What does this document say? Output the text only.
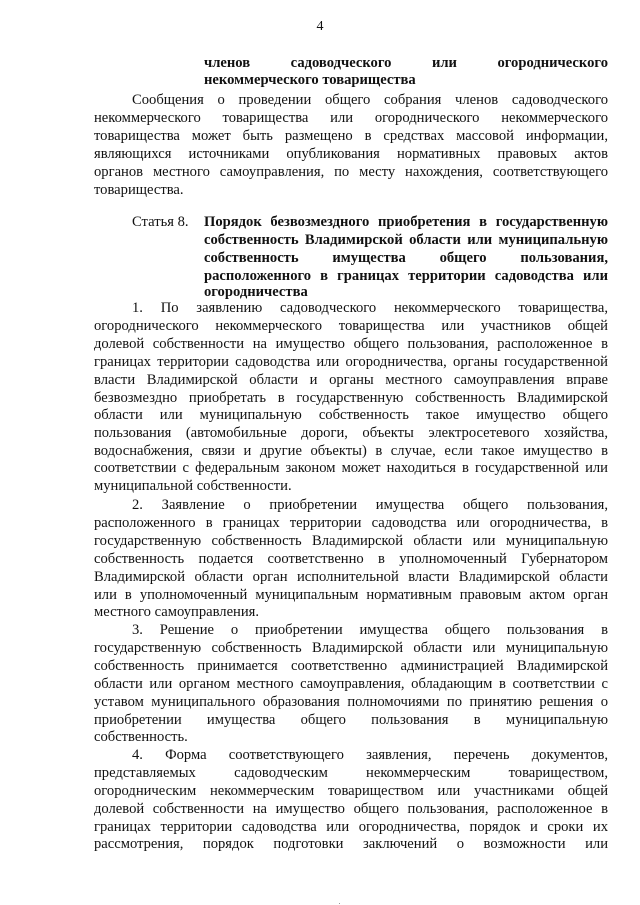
4
членов садоводческого или огороднического
некоммерческого товарищества
Сообщения о проведении общего собрания членов садоводческого
некоммерческого товарищества или огороднического некоммерческого
товарищества может быть размещено в средствах массовой информации,
являющихся источниками опубликования нормативных правовых актов
органов местного самоуправления, по месту нахождения, соответствующего
товарищества.
Статья 8. Порядок безвозмездного приобретения в государственную
собственность Владимирской области или муниципальную
собственность имущества общего пользования,
расположенного в границах территории садоводства или
огородничества
1. По заявлению садоводческого некоммерческого товарищества,
огороднического некоммерческого товарищества или участников общей
долевой собственности на имущество общего пользования, расположенное в
границах территории садоводства или огородничества, органы государственной
власти Владимирской области и органы местного самоуправления вправе
безвозмездно приобретать в государственную собственность Владимирской
области или муниципальную собственность такое имущество общего
пользования (автомобильные дороги, объекты электросетевого хозяйства,
водоснабжения, связи и другие объекты) в случае, если такое имущество в
соответствии с федеральным законом может находиться в государственной или
муниципальной собственности.
2. Заявление о приобретении имущества общего пользования,
расположенного в границах территории садоводства или огородничества, в
государственную собственность Владимирской области или муниципальную
собственность подается соответственно в уполномоченный Губернатором
Владимирской области орган исполнительной власти Владимирской области
или в уполномоченный муниципальным нормативным правовым актом орган
местного самоуправления.
3. Решение о приобретении имущества общего пользования в
государственную собственность Владимирской области или муниципальную
собственность принимается соответственно администрацией Владимирской
области или органом местного самоуправления, обладающим в соответствии с
уставом муниципального образования полномочиями по принятию решения о
приобретении имущества общего пользования в муниципальную
собственность.
4. Форма соответствующего заявления, перечень документов,
представляемых садоводческим некоммерческим товариществом,
огородническим некоммерческим товариществом или участниками общей
долевой собственности на имущество общего пользования, расположенное в
границах территории садоводства или огородничества, порядок и сроки их
рассмотрения, порядок подготовки заключений о возможности или
